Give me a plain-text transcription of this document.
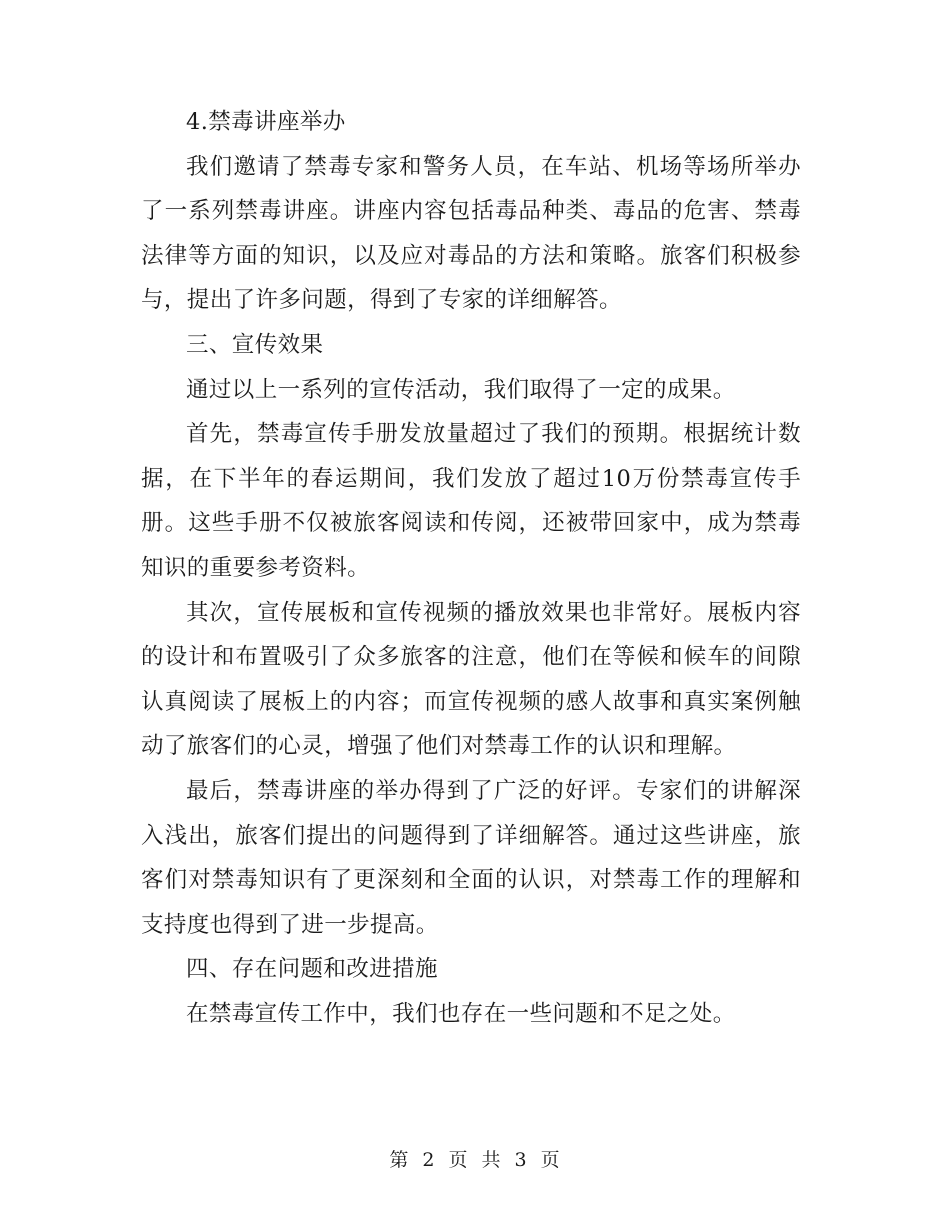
4.禁毒讲座举办

我们邀请了禁毒专家和警务人员，在车站、机场等场所举办了一系列禁毒讲座。讲座内容包括毒品种类、毒品的危害、禁毒法律等方面的知识，以及应对毒品的方法和策略。旅客们积极参与，提出了许多问题，得到了专家的详细解答。

三、宣传效果

通过以上一系列的宣传活动，我们取得了一定的成果。

首先，禁毒宣传手册发放量超过了我们的预期。根据统计数据，在下半年的春运期间，我们发放了超过10万份禁毒宣传手册。这些手册不仅被旅客阅读和传阅，还被带回家中，成为禁毒知识的重要参考资料。

其次，宣传展板和宣传视频的播放效果也非常好。展板内容的设计和布置吸引了众多旅客的注意，他们在等候和候车的间隙认真阅读了展板上的内容；而宣传视频的感人故事和真实案例触动了旅客们的心灵，增强了他们对禁毒工作的认识和理解。

最后，禁毒讲座的举办得到了广泛的好评。专家们的讲解深入浅出，旅客们提出的问题得到了详细解答。通过这些讲座，旅客们对禁毒知识有了更深刻和全面的认识，对禁毒工作的理解和支持度也得到了进一步提高。

四、存在问题和改进措施

在禁毒宣传工作中，我们也存在一些问题和不足之处。

第 2 页 共 3 页
